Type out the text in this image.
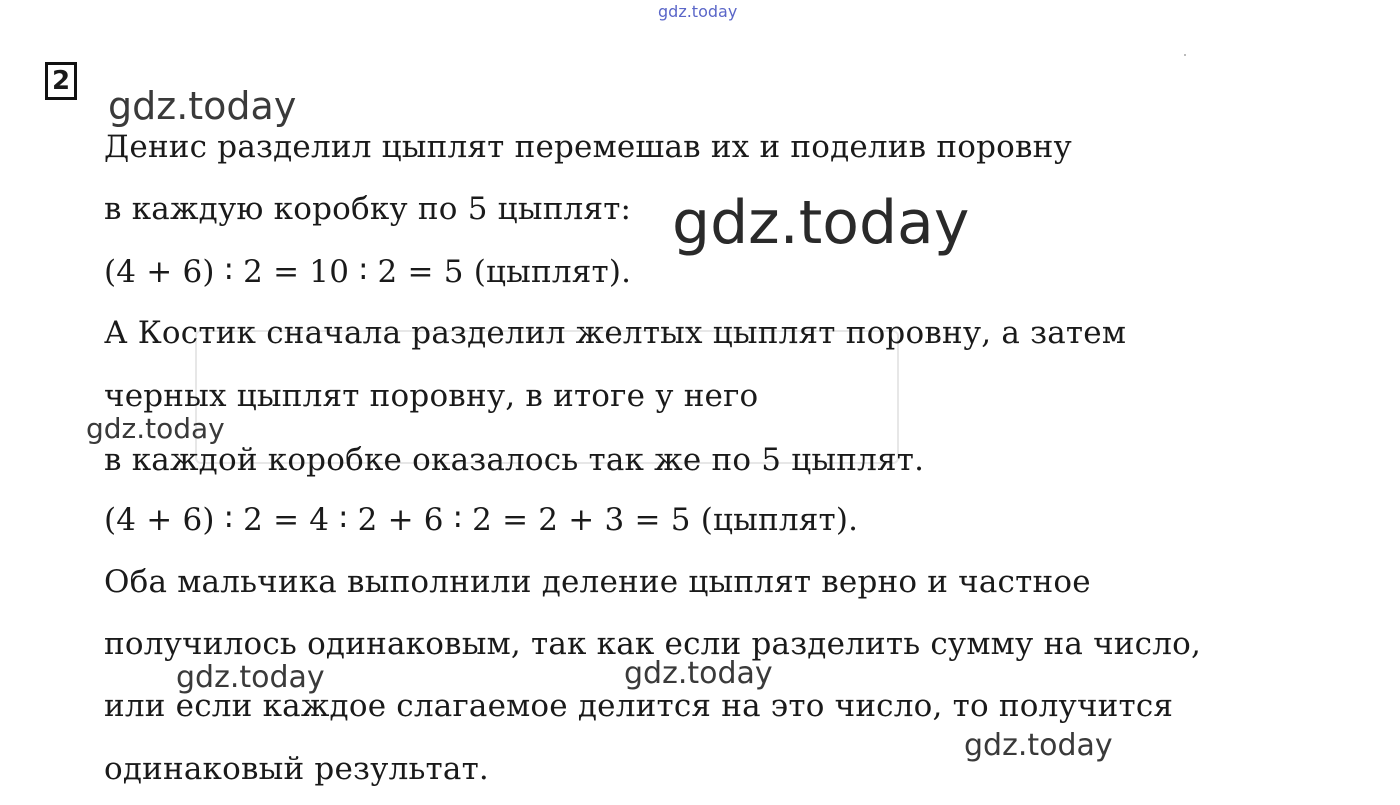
gdz.today
2
gdz.today
Денис разделил цыплят перемешав их и поделив поровну
в каждую коробку по 5 цыплят:
(4 + 6) ∶ 2 = 10 ∶ 2 = 5 (цыплят).
А Костик сначала разделил желтых цыплят поровну, а затем
черных цыплят поровну, в итоге у него
в каждой коробке оказалось так же по 5 цыплят.
(4 + 6) ∶ 2 = 4 ∶ 2 + 6 ∶ 2 = 2 + 3 = 5 (цыплят).
Оба мальчика выполнили деление цыплят верно и частное
получилось одинаковым, так как если разделить сумму на число,
или если каждое слагаемое делится на это число, то получится
одинаковый результат.
gdz.today
gdz.today
gdz.today	gdz.today
gdz.today
